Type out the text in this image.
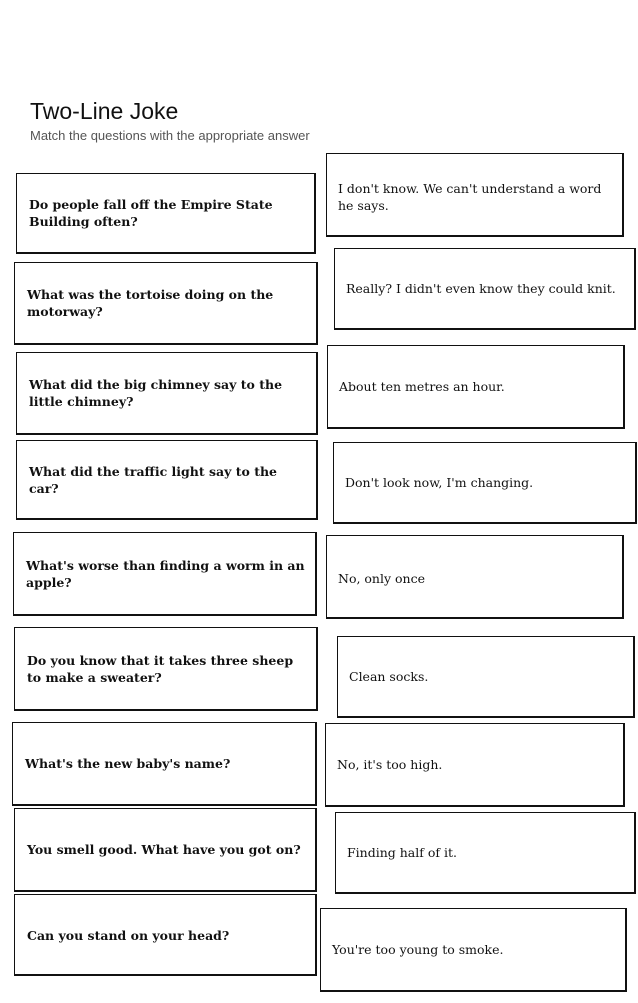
Two-Line Joke
Match the questions with the appropriate answer
Do people fall off the Empire State Building often?
What was the tortoise doing on the motorway?
What did the big chimney say to the little chimney?
What did the traffic light say to the car?
What's worse than finding a worm in an apple?
Do you know that it takes three sheep to make a sweater?
What's the new baby's name?
You smell good. What have you got on?
Can you stand on your head?
I don't know. We can't understand a word he says.
Really? I didn't even know they could knit.
About ten metres an hour.
Don't look now, I'm changing.
No, only once
Clean socks.
No, it's too high.
Finding half of it.
You're too young to smoke.
